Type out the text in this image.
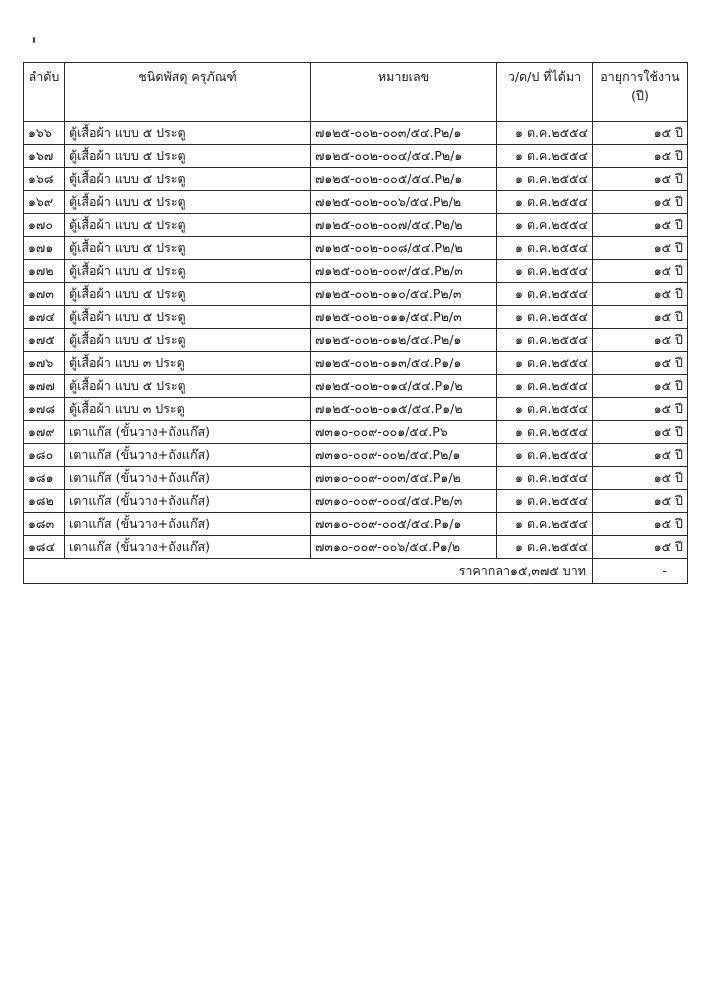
ลำดับ	ชนิดพัสดุ ครุภัณฑ์	หมายเลข	ว/ด/ป ที่ได้มา	อายุการใช้งาน (ปี)
๑๖๖	ตู้เสื้อผ้า แบบ ๕ ประตู	๗๑๒๕-๐๐๒-๐๐๓/๕๔.P๒/๑	๑ ต.ค.๒๕๕๔	๑๕ ปี
๑๖๗	ตู้เสื้อผ้า แบบ ๕ ประตู	๗๑๒๕-๐๐๒-๐๐๔/๕๔.P๒/๑	๑ ต.ค.๒๕๕๔	๑๕ ปี
๑๖๘	ตู้เสื้อผ้า แบบ ๕ ประตู	๗๑๒๕-๐๐๒-๐๐๕/๕๔.P๒/๑	๑ ต.ค.๒๕๕๔	๑๕ ปี
๑๖๙	ตู้เสื้อผ้า แบบ ๕ ประตู	๗๑๒๕-๐๐๒-๐๐๖/๕๔.P๒/๒	๑ ต.ค.๒๕๕๔	๑๕ ปี
๑๗๐	ตู้เสื้อผ้า แบบ ๕ ประตู	๗๑๒๕-๐๐๒-๐๐๗/๕๔.P๒/๒	๑ ต.ค.๒๕๕๔	๑๕ ปี
๑๗๑	ตู้เสื้อผ้า แบบ ๕ ประตู	๗๑๒๕-๐๐๒-๐๐๘/๕๔.P๒/๒	๑ ต.ค.๒๕๕๔	๑๕ ปี
๑๗๒	ตู้เสื้อผ้า แบบ ๕ ประตู	๗๑๒๕-๐๐๒-๐๐๙/๕๔.P๒/๓	๑ ต.ค.๒๕๕๔	๑๕ ปี
๑๗๓	ตู้เสื้อผ้า แบบ ๕ ประตู	๗๑๒๕-๐๐๒-๐๑๐/๕๔.P๒/๓	๑ ต.ค.๒๕๕๔	๑๕ ปี
๑๗๔	ตู้เสื้อผ้า แบบ ๕ ประตู	๗๑๒๕-๐๐๒-๐๑๑/๕๔.P๒/๓	๑ ต.ค.๒๕๕๔	๑๕ ปี
๑๗๕	ตู้เสื้อผ้า แบบ ๕ ประตู	๗๑๒๕-๐๐๒-๐๑๒/๕๔.P๒/๑	๑ ต.ค.๒๕๕๔	๑๕ ปี
๑๗๖	ตู้เสื้อผ้า แบบ ๓ ประตู	๗๑๒๕-๐๐๒-๐๑๓/๕๔.P๑/๑	๑ ต.ค.๒๕๕๔	๑๕ ปี
๑๗๗	ตู้เสื้อผ้า แบบ ๕ ประตู	๗๑๒๕-๐๐๒-๐๑๔/๕๔.P๑/๒	๑ ต.ค.๒๕๕๔	๑๕ ปี
๑๗๘	ตู้เสื้อผ้า แบบ ๓ ประตู	๗๑๒๕-๐๐๒-๐๑๕/๕๔.P๑/๒	๑ ต.ค.๒๕๕๔	๑๕ ปี
๑๗๙	เตาแก๊ส (ขั้นวาง+ถังแก๊ส)	๗๓๑๐-๐๐๙-๐๐๑/๕๔.P๖	๑ ต.ค.๒๕๕๔	๑๕ ปี
๑๘๐	เตาแก๊ส (ขั้นวาง+ถังแก๊ส)	๗๓๑๐-๐๐๙-๐๐๒/๕๔.P๒/๑	๑ ต.ค.๒๕๕๔	๑๕ ปี
๑๘๑	เตาแก๊ส (ขั้นวาง+ถังแก๊ส)	๗๓๑๐-๐๐๙-๐๐๓/๕๔.P๑/๒	๑ ต.ค.๒๕๕๔	๑๕ ปี
๑๘๒	เตาแก๊ส (ขั้นวาง+ถังแก๊ส)	๗๓๑๐-๐๐๙-๐๐๔/๕๔.P๒/๓	๑ ต.ค.๒๕๕๔	๑๕ ปี
๑๘๓	เตาแก๊ส (ขั้นวาง+ถังแก๊ส)	๗๓๑๐-๐๐๙-๐๐๕/๕๔.P๑/๑	๑ ต.ค.๒๕๕๔	๑๕ ปี
๑๘๔	เตาแก๊ส (ขั้นวาง+ถังแก๊ส)	๗๓๑๐-๐๐๙-๐๐๖/๕๔.P๑/๒	๑ ต.ค.๒๕๕๔	๑๕ ปี
ราคากลา๑๕,๓๗๕ บาท				-
